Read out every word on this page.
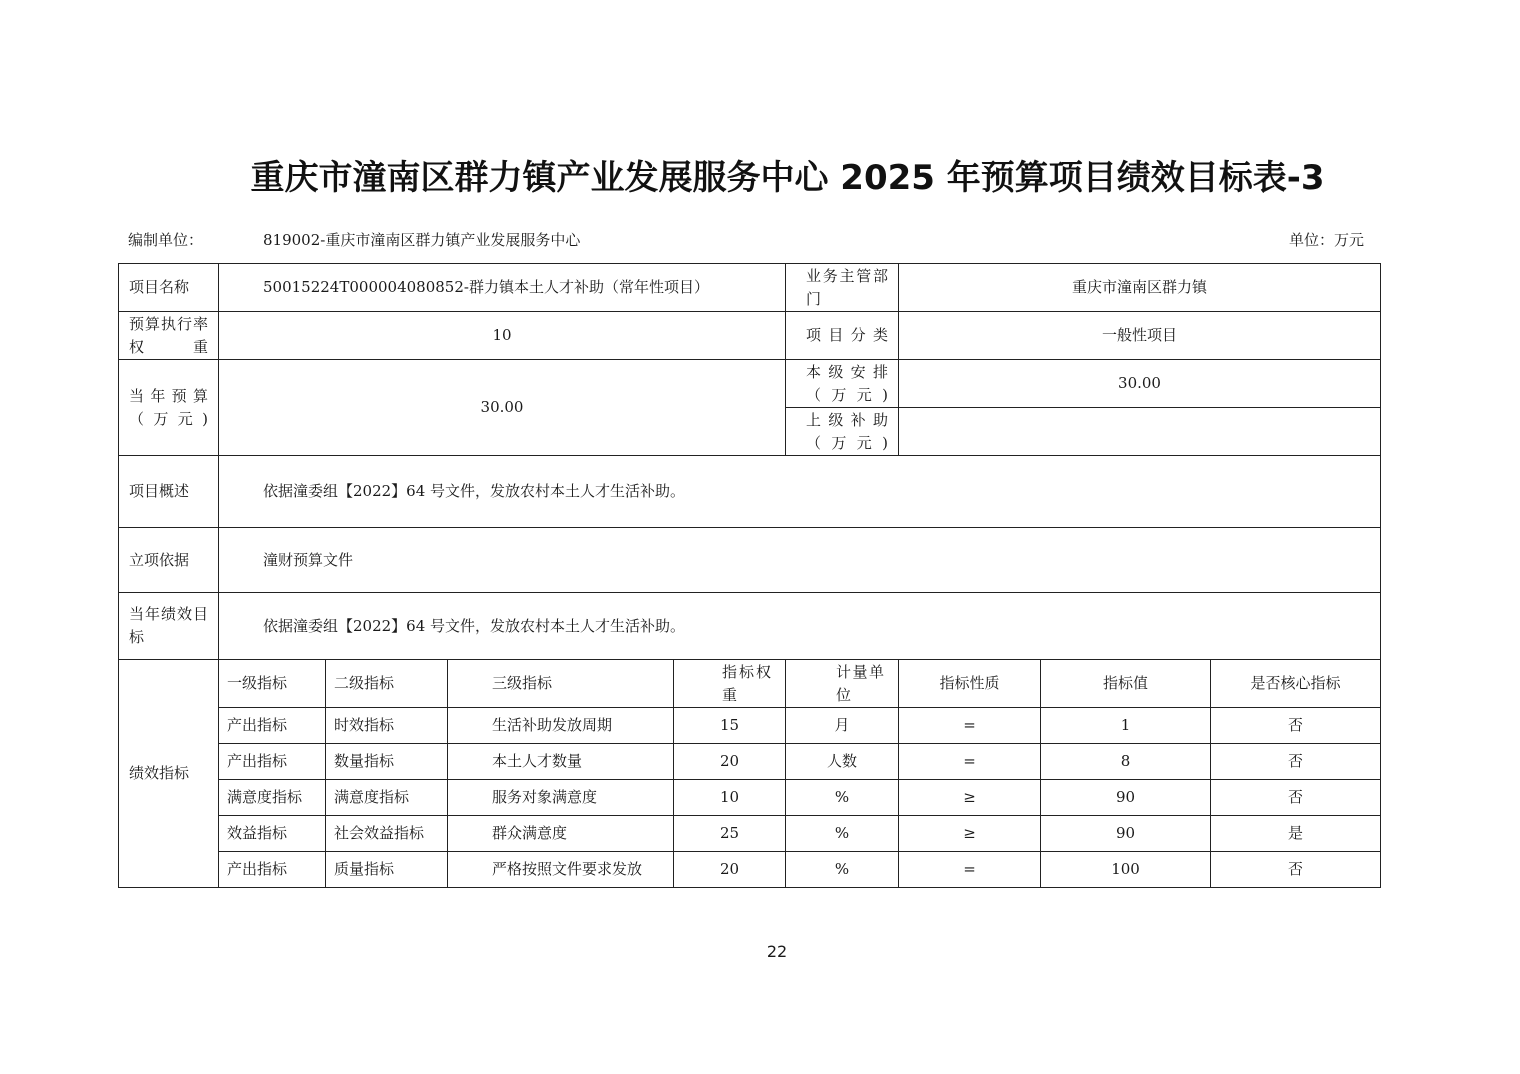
重庆市潼南区群力镇产业发展服务中心 2025 年预算项目绩效目标表-3
编制单位：	819002-重庆市潼南区群力镇产业发展服务中心	单位：万元
项目名称	50015224T000004080852-群力镇本土人才补助（常年性项目）				业务主管部门	重庆市潼南区群力镇		
预算执行率权重	10				项目分类	一般性项目		
当年预算（万元)	30.00				本级安排（万元)	30.00		
					上级补助（万元)			
项目概述	依据潼委组【2022】64 号文件，发放农村本土人才生活补助。							
立项依据	潼财预算文件							
当年绩效目标	依据潼委组【2022】64 号文件，发放农村本土人才生活补助。							
绩效指标	一级指标	二级指标	三级指标	指标权重	计量单位	指标性质	指标值	是否核心指标
	产出指标	时效指标	生活补助发放周期	15	月	=	1	否
	产出指标	数量指标	本土人才数量	20	人数	=	8	否
	满意度指标	满意度指标	服务对象满意度	10	%	≥	90	否
	效益指标	社会效益指标	群众满意度	25	%	≥	90	是
	产出指标	质量指标	严格按照文件要求发放	20	%	=	100	否
22
